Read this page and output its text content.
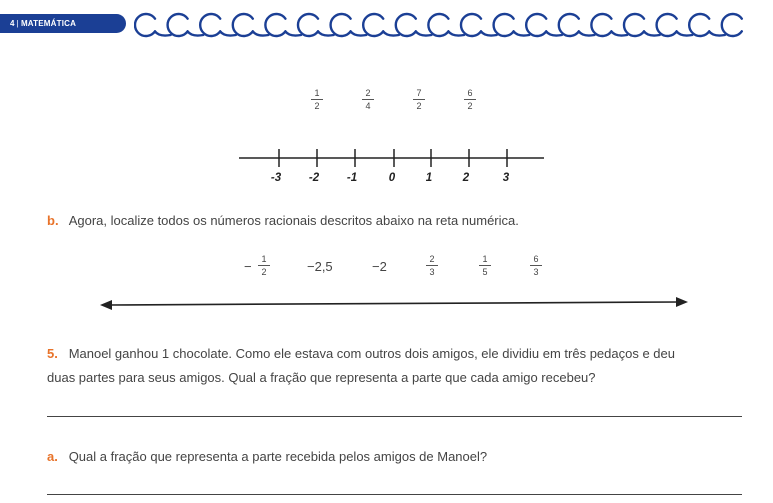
4 | MATEMÁTICA
1
2
2
4
7
2
6
2
-3 -2 -1	0	1	2	3
b. Agora, localize todos os números racionais descritos abaixo na reta numérica.
− 1
2	−2,5	−2	2
3
1
5
6
3
5. Manoel ganhou 1 chocolate. Como ele estava com outros dois amigos, ele dividiu em três pedaços e deu
duas partes para seus amigos. Qual a fração que representa a parte que cada amigo recebeu?
a. Qual a fração que representa a parte recebida pelos amigos de Manoel?
